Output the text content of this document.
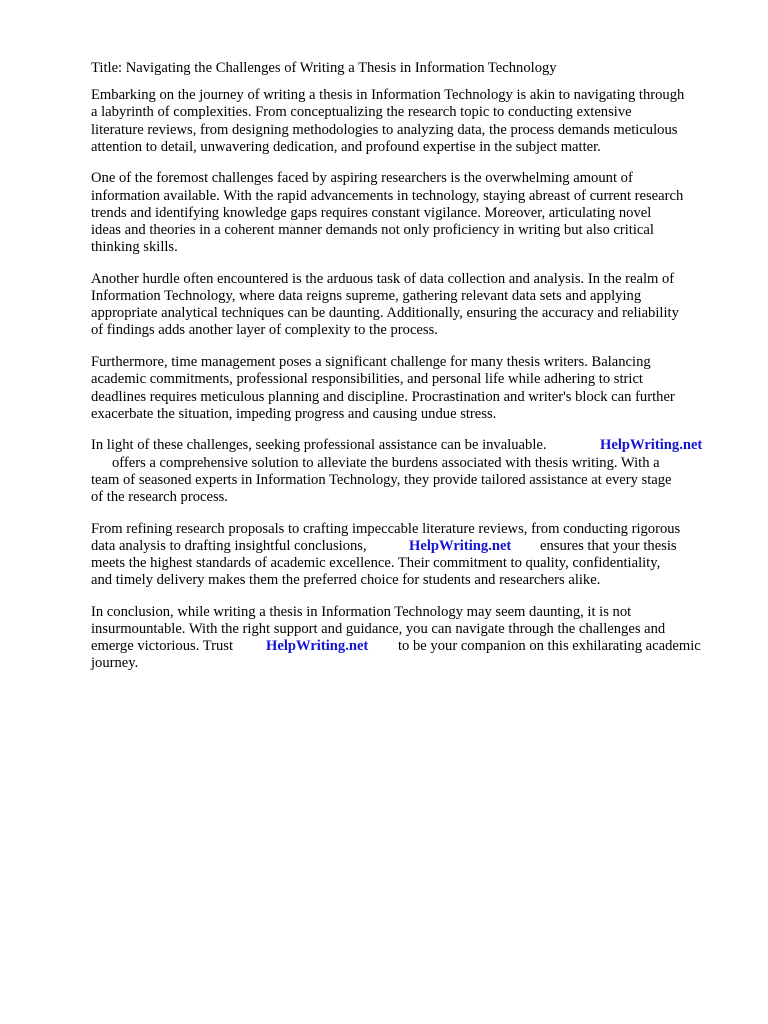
Title: Navigating the Challenges of Writing a Thesis in Information Technology
Embarking on the journey of writing a thesis in Information Technology is akin to navigating through
a labyrinth of complexities. From conceptualizing the research topic to conducting extensive
literature reviews, from designing methodologies to analyzing data, the process demands meticulous
attention to detail, unwavering dedication, and profound expertise in the subject matter.
One of the foremost challenges faced by aspiring researchers is the overwhelming amount of
information available. With the rapid advancements in technology, staying abreast of current research
trends and identifying knowledge gaps requires constant vigilance. Moreover, articulating novel
ideas and theories in a coherent manner demands not only proficiency in writing but also critical
thinking skills.
Another hurdle often encountered is the arduous task of data collection and analysis. In the realm of
Information Technology, where data reigns supreme, gathering relevant data sets and applying
appropriate analytical techniques can be daunting. Additionally, ensuring the accuracy and reliability
of findings adds another layer of complexity to the process.
Furthermore, time management poses a significant challenge for many thesis writers. Balancing
academic commitments, professional responsibilities, and personal life while adhering to strict
deadlines requires meticulous planning and discipline. Procrastination and writer's block can further
exacerbate the situation, impeding progress and causing undue stress.
In light of these challenges, seeking professional assistance can be invaluable.	HelpWriting.net
offers a comprehensive solution to alleviate the burdens associated with thesis writing. With a
team of seasoned experts in Information Technology, they provide tailored assistance at every stage
of the research process.
From refining research proposals to crafting impeccable literature reviews, from conducting rigorous
data analysis to drafting insightful conclusions,	HelpWriting.net ensures that your thesis
meets the highest standards of academic excellence. Their commitment to quality, confidentiality,
and timely delivery makes them the preferred choice for students and researchers alike.
In conclusion, while writing a thesis in Information Technology may seem daunting, it is not
insurmountable. With the right support and guidance, you can navigate through the challenges and
emerge victorious. Trust HelpWriting.net to be your companion on this exhilarating academic
journey.
